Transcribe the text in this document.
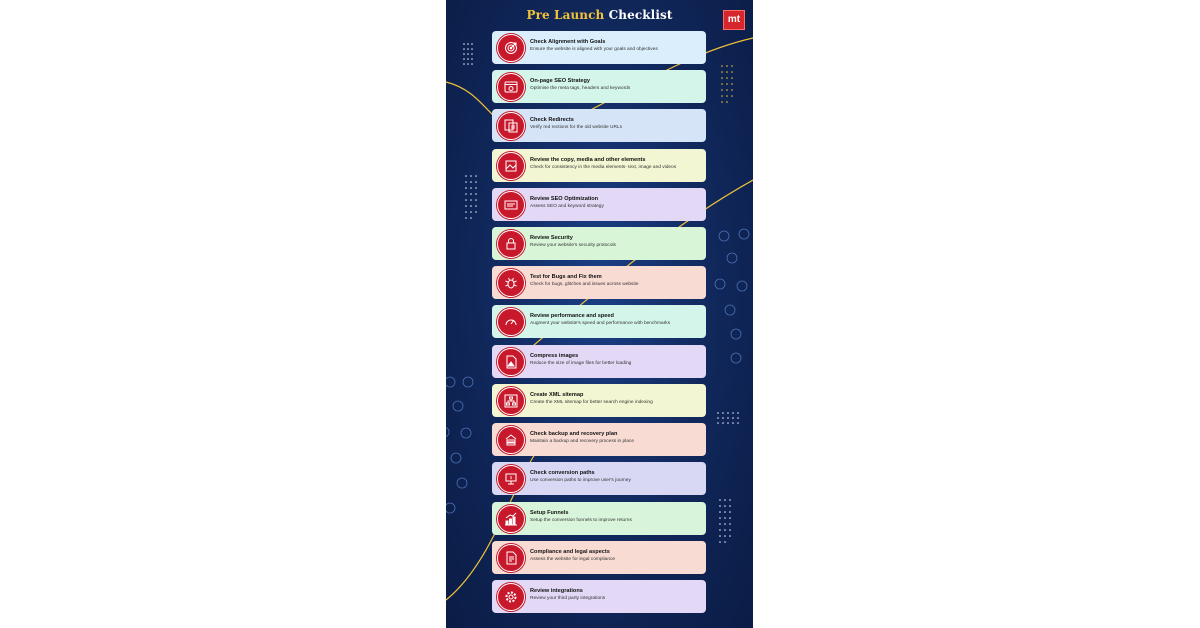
Pre Launch Checklist	mt
Check Alignment with Goals
Ensure the website is aligned with your goals and objectives
On-page SEO Strategy
Optimise the meta tags, headers and keywords
Check Redirects
Verify red rections for the old website URLs
Review the copy, media and other elements
Check for consistency in the media elements- text, image and videos
Review SEO Optimization
Assess SEO and keyword strategy
Review Security
Review your website's security protocols
Test for Bugs and Fix them
Check for bugs, glitches and issues across website
Review performance and speed
Augment your website's speed and performance with benchmarks
Compress images
Reduce the size of image files for better loading
Create XML sitemap
Create the XML sitemap for better search engine indexing
Check backup and recovery plan
Maintain a backup and recovery process in place
$
Check conversion paths
Use conversion paths to improve user's journey
Setup Funnels
Setup the conversion funnels to improve returns
Compliance and legal aspects
Assess the website for legal compliance
Review integrations
Review your third party integrations
